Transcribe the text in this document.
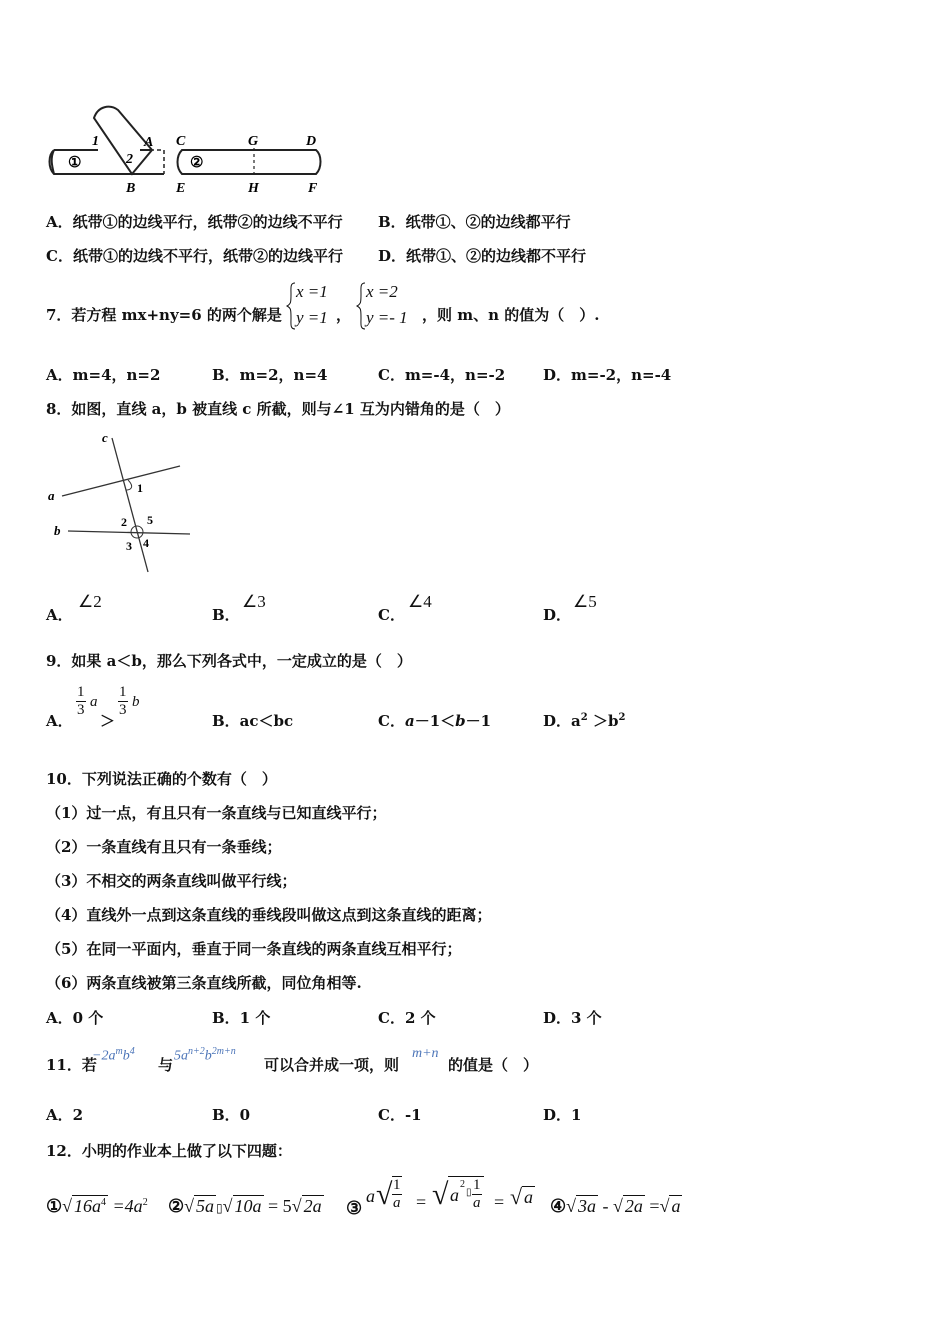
1
2
A
B
C	G	D
E	H	F
①	②
A．纸带①的边线平行，纸带②的边线不平行 B．纸带①、②的边线都平行
C．纸带①的边线不平行，纸带②的边线平行 D．纸带①、②的边线都不平行
7．若方程 mx+ny=6 的两个解是
x =1
y =1 ，
x =2
y =- 1 ，则 m、n 的值为（　）.
A．m=4，n=2	B．m=2，n=4	C．m=-4，n=-2	D．m=-2，n=-4
8．如图，直线 a，b 被直线 c 所截，则与∠1 互为内错角的是（　）
c
a
b
1
2 5
3 4
A．
∠2
B．
∠3
C．
∠4
D．
∠5
9．如果 a＜b，那么下列各式中，一定成立的是（　）
A．
$\frac{1}{3}$ a
＞
$\frac{1}{3}$ b
B．ac＜bc	C．a－1＜b－1	D．$a^2 >b^2$
10．下列说法正确的个数有（　）
（1）过一点，有且只有一条直线与已知直线平行；
（2）一条直线有且只有一条垂线；
（3）不相交的两条直线叫做平行线；
（4）直线外一点到这条直线的垂线段叫做这点到这条直线的距离；
（5）在同一平面内，垂直于同一条直线的两条直线互相平行；
（6）两条直线被第三条直线所截，同位角相等.
A．0 个	B．1 个	C．2 个	D．3 个
11．若
$-2a^mb^4$
与 $5a^{n+2}b^{2m+n}$
可以合并成一项，则
m+n
的值是（　）
A．2	B．0	C．-1	D．1
12．小明的作业本上做了以下四题：
①√ $16a^4 =4a^2$ ②√ 5a ▯√ 10a = 5√ 2a ③
a √ $\frac{1}{a}$ = √ a
2
▯ $\frac{1}{a}$ = √ a ④√ 3a - √ 2a =√ a
